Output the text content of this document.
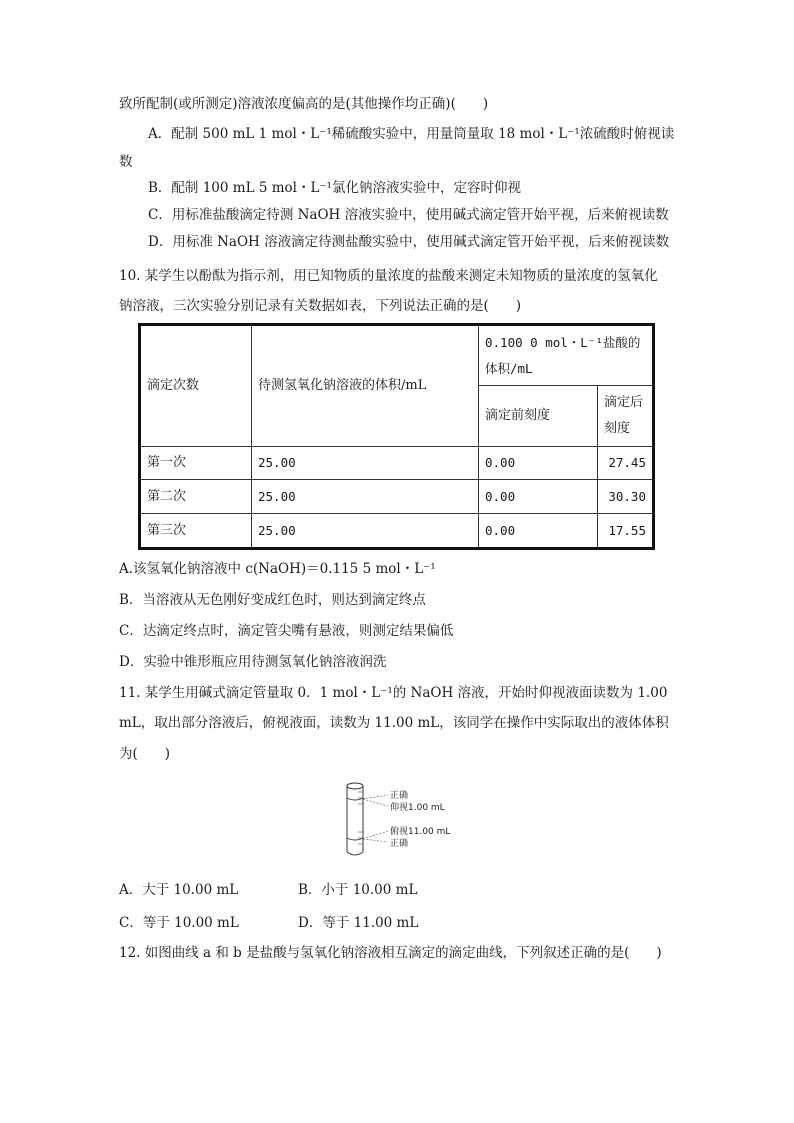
致所配制(或所测定)溶液浓度偏高的是(其他操作均正确)(　　)
A．配制 500 mL 1 mol・L⁻¹稀硫酸实验中，用量筒量取 18 mol・L⁻¹浓硫酸时俯视读
数
B．配制 100 mL 5 mol・L⁻¹氯化钠溶液实验中，定容时仰视
C．用标准盐酸滴定待测 NaOH 溶液实验中，使用碱式滴定管开始平视，后来俯视读数
D．用标准 NaOH 溶液滴定待测盐酸实验中，使用碱式滴定管开始平视，后来俯视读数
10. 某学生以酚酞为指示剂，用已知物质的量浓度的盐酸来测定未知物质的量浓度的氢氧化
钠溶液，三次实验分别记录有关数据如表，下列说法正确的是(　　)
滴定次数	待测氢氧化钠溶液的体积/mL	0.100 0 mol・L⁻¹盐酸的
体积/mL	

		滴定前刻度	滴定后
刻度

第一次	25.00	0.00	27.45
第二次	25.00	0.00	30.30
第三次	25.00	0.00	17.55
A.该氢氧化钠溶液中 c(NaOH)＝0.115 5 mol・L⁻¹
B．当溶液从无色刚好变成红色时，则达到滴定终点
C．达滴定终点时，滴定管尖嘴有悬液，则测定结果偏低
D．实验中锥形瓶应用待测氢氧化钠溶液润洗
11. 某学生用碱式滴定管量取 0．1 mol・L⁻¹的 NaOH 溶液，开始时仰视液面读数为 1.00
mL，取出部分溶液后，俯视液面，读数为 11.00 mL，该同学在操作中实际取出的液体体积
为(　　)
正确
仰视1.00 mL
俯视11.00 mL
正确
A．大于 10.00 mL	B．小于 10.00 mL
C．等于 10.00 mL	D．等于 11.00 mL
12. 如图曲线 a 和 b 是盐酸与氢氧化钠溶液相互滴定的滴定曲线，下列叙述正确的是(　　)
